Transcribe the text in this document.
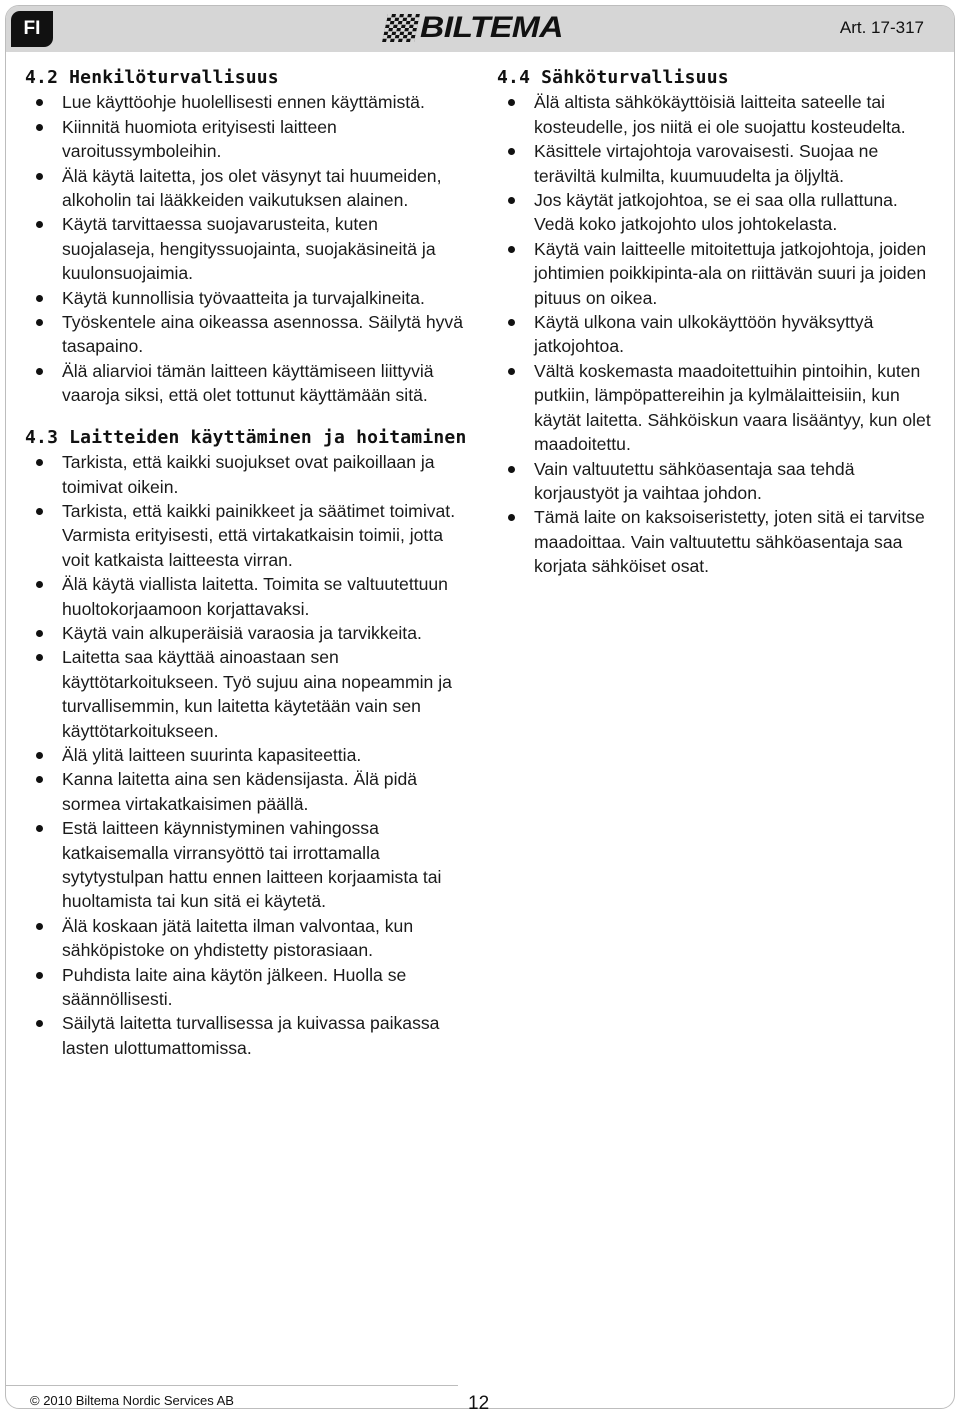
FI	BILTEMA	Art. 17-317
4.2 Henkilöturvallisuus
Lue käyttöohje huolellisesti ennen käyttämistä.
Kiinnitä huomiota erityisesti laitteen varoitussymboleihin.
Älä käytä laitetta, jos olet väsynyt tai huumeiden, alkoholin tai lääkkeiden vaikutuksen alainen.
Käytä tarvittaessa suojavarusteita, kuten suojalaseja, hengityssuojainta, suojakäsineitä ja kuulonsuojaimia.
Käytä kunnollisia työvaatteita ja turvajalkineita.
Työskentele aina oikeassa asennossa. Säilytä hyvä tasapaino.
Älä aliarvioi tämän laitteen käyttämiseen liittyviä vaaroja siksi, että olet tottunut käyttämään sitä.
4.3 Laitteiden käyttäminen ja hoitaminen
Tarkista, että kaikki suojukset ovat paikoillaan ja toimivat oikein.
Tarkista, että kaikki painikkeet ja säätimet toimivat. Varmista erityisesti, että virtakatkaisin toimii, jotta voit katkaista laitteesta virran.
Älä käytä viallista laitetta. Toimita se valtuutettuun huoltokorjaamoon korjattavaksi.
Käytä vain alkuperäisiä varaosia ja tarvikkeita.
Laitetta saa käyttää ainoastaan sen käyttötarkoitukseen. Työ sujuu aina nopeammin ja turvallisemmin, kun laitetta käytetään vain sen käyttötarkoitukseen.
Älä ylitä laitteen suurinta kapasiteettia.
Kanna laitetta aina sen kädensijasta. Älä pidä sormea virtakatkaisimen päällä.
Estä laitteen käynnistyminen vahingossa katkaisemalla virransyöttö tai irrottamalla sytytystulpan hattu ennen laitteen korjaamista tai huoltamista tai kun sitä ei käytetä.
Älä koskaan jätä laitetta ilman valvontaa, kun sähköpistoke on yhdistetty pistorasiaan.
Puhdista laite aina käytön jälkeen. Huolla se säännöllisesti.
Säilytä laitetta turvallisessa ja kuivassa paikassa lasten ulottumattomissa.
4.4 Sähköturvallisuus
Älä altista sähkökäyttöisiä laitteita sateelle tai kosteudelle, jos niitä ei ole suojattu kosteudelta.
Käsittele virtajohtoja varovaisesti. Suojaa ne teräviltä kulmilta, kuumuudelta ja öljyltä.
Jos käytät jatkojohtoa, se ei saa olla rullattuna. Vedä koko jatkojohto ulos johtokelasta.
Käytä vain laitteelle mitoitettuja jatkojohtoja, joiden johtimien poikkipinta-ala on riittävän suuri ja joiden pituus on oikea.
Käytä ulkona vain ulkokäyttöön hyväksyttyä jatkojohtoa.
Vältä koskemasta maadoitettuihin pintoihin, kuten putkiin, lämpöpattereihin ja kylmälaitteisiin, kun käytät laitetta. Sähköiskun vaara lisääntyy, kun olet maadoitettu.
Vain valtuutettu sähköasentaja saa tehdä korjaustyöt ja vaihtaa johdon.
Tämä laite on kaksoiseristetty, joten sitä ei tarvitse maadoittaa. Vain valtuutettu sähköasentaja saa korjata sähköiset osat.
© 2010 Biltema Nordic Services AB	12
